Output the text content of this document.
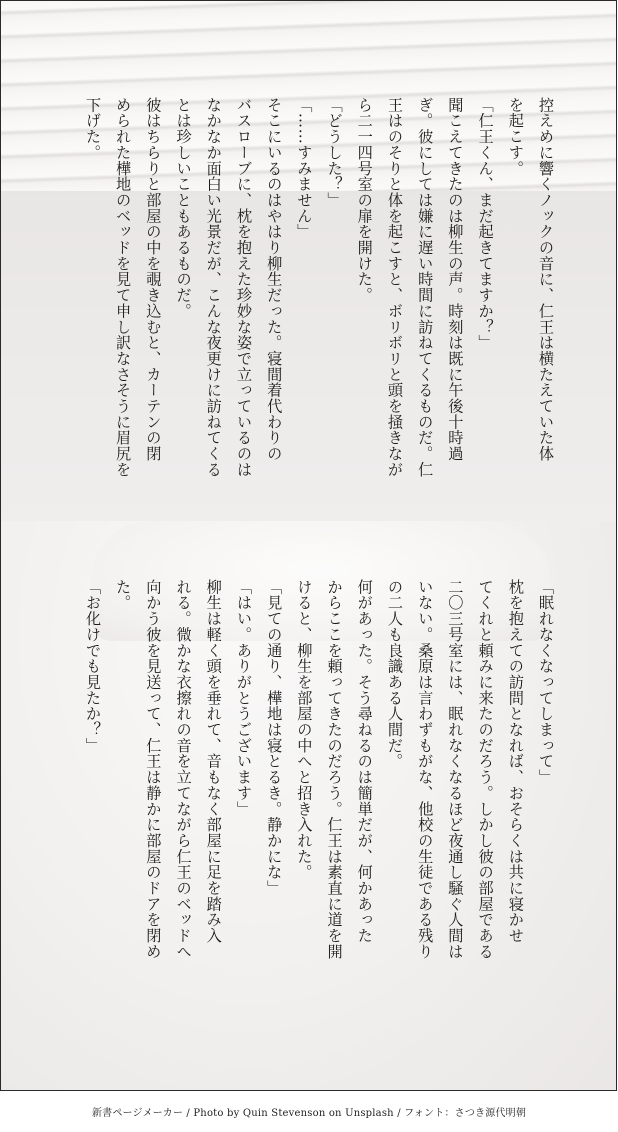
控えめに響くノックの音に、仁王は横たえていた体

を起こす。

「仁王くん、まだ起きてますか？」

聞こえてきたのは柳生の声。時刻は既に午後十時過

ぎ。彼にしては嫌に遅い時間に訪ねてくるものだ。仁

王はのそりと体を起こすと、ボリボリと頭を掻きなが

ら二一四号室の扉を開けた。

「どうした？」

「……すみません」

そこにいるのはやはり柳生だった。寝間着代わりの

バスローブに、枕を抱えた珍妙な姿で立っているのは

なかなか面白い光景だが、こんな夜更けに訪ねてくる

とは珍しいこともあるものだ。

彼はちらりと部屋の中を覗き込むと、カーテンの閉

められた樺地のベッドを見て申し訳なさそうに眉尻を

下げた。

「眠れなくなってしまって」

枕を抱えての訪問となれば、おそらくは共に寝かせ

てくれと頼みに来たのだろう。しかし彼の部屋である

二〇三号室には、眠れなくなるほど夜通し騒ぐ人間は

いない。桑原は言わずもがな、他校の生徒である残り

の二人も良識ある人間だ。

何があった。そう尋ねるのは簡単だが、何かあった

からここを頼ってきたのだろう。仁王は素直に道を開

けると、柳生を部屋の中へと招き入れた。

「見ての通り、樺地は寝とるき。静かにな」

「はい。ありがとうございます」

柳生は軽く頭を垂れて、音もなく部屋に足を踏み入

れる。微かな衣擦れの音を立てながら仁王のベッドへ

向かう彼を見送って、仁王は静かに部屋のドアを閉め

た。

「お化けでも見たか？」

新書ページメーカー / Photo by Quin Stevenson on Unsplash / フォント：さつき源代明朝
